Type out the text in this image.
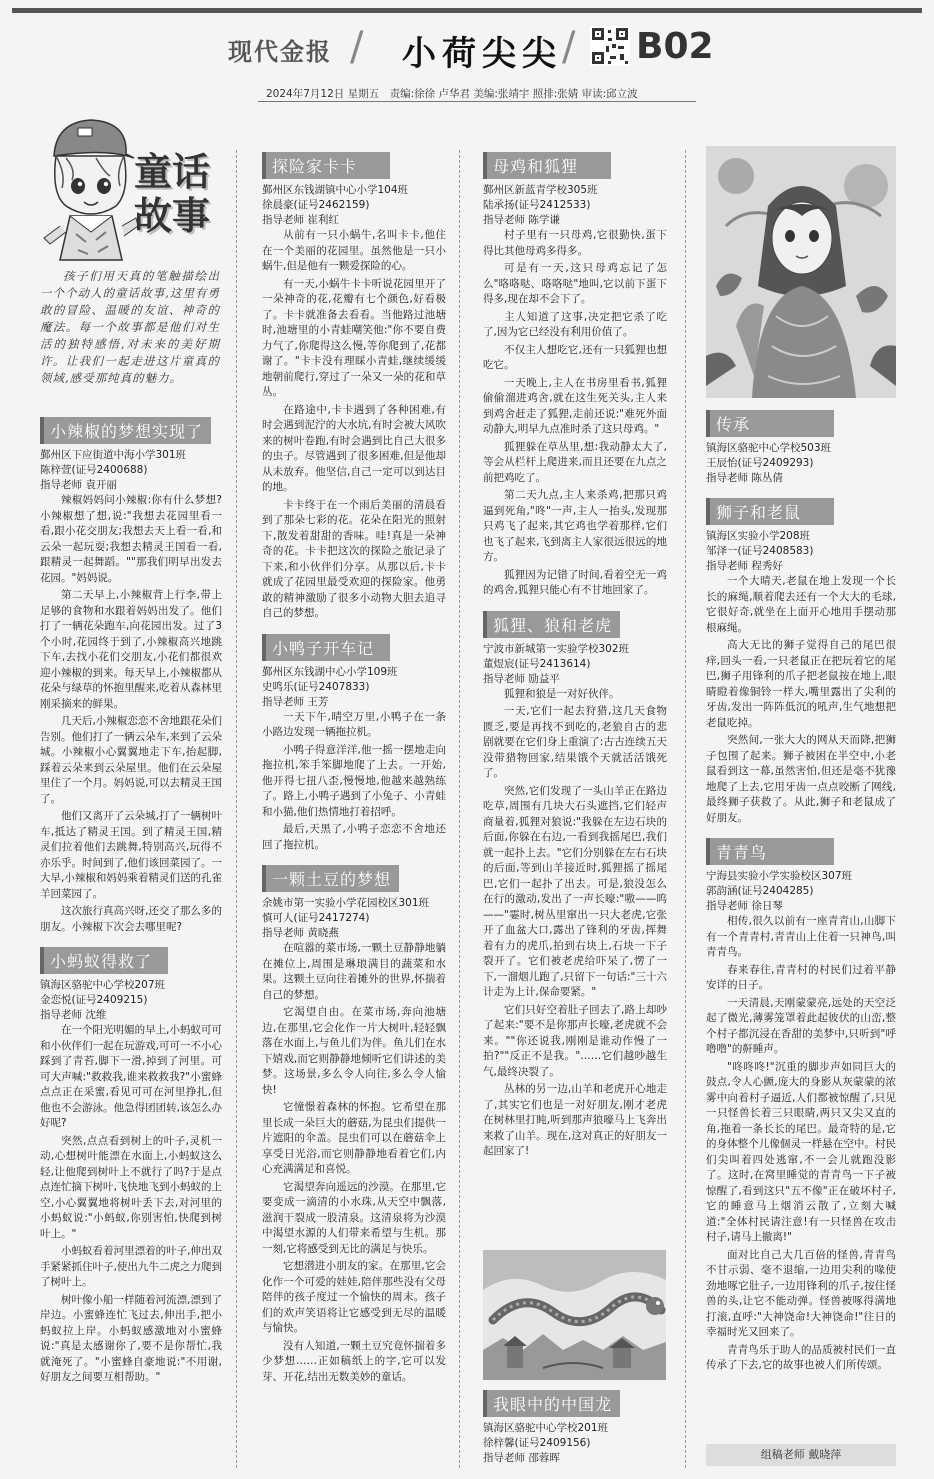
现代金报 / 小荷尖尖 / B02
2024年7月12日 星期五　责编:徐徐 卢华君 美编:张靖宇 照排:张婧 审读:邱立波
童话故事
孩子们用天真的笔触描绘出一个个动人的童话故事,这里有勇敢的冒险、温暖的友谊、神奇的魔法。每一个故事都是他们对生活的独特感悟,对未来的美好期许。让我们一起走进这片童真的领域,感受那纯真的魅力。
小辣椒的梦想实现了
鄞州区下应街道中海小学301班
陈梓萱(证号2400688)
指导老师 袁开丽

辣椒妈妈问小辣椒:你有什么梦想?小辣椒想了想,说:"我想去花园里看一看,跟小花交朋友;我想去天上看一看,和云朵一起玩耍;我想去精灵王国看一看,跟精灵一起舞蹈。""那我们明早出发去花园。"妈妈说。

第二天早上,小辣椒背上行李,带上足够的食物和水跟着妈妈出发了。他们打了一辆花朵跑车,向花园出发。过了3个小时,花园终于到了,小辣椒高兴地跳下车,去找小花们交朋友,小花们都很欢迎小辣椒的到来。每天早上,小辣椒都从花朵与绿草的怀抱里醒来,吃着从森林里刚采摘来的鲜果。

几天后,小辣椒恋恋不舍地跟花朵们告别。他们打了一辆云朵车,来到了云朵城。小辣椒小心翼翼地走下车,抬起脚,踩着云朵来到云朵屋里。他们在云朵屋里住了一个月。妈妈说,可以去精灵王国了。

他们又离开了云朵城,打了一辆树叶车,抵达了精灵王国。到了精灵王国,精灵们拉着他们去跳舞,特别高兴,玩得不亦乐乎。时间到了,他们该回菜园了。一大早,小辣椒和妈妈乘着精灵们送的孔雀羊回菜园了。

这次旅行真高兴呀,还交了那么多的朋友。小辣椒下次会去哪里呢?

小蚂蚁得救了
镇海区骆驼中心学校207班
金恋悦(证号2409215)
指导老师 沈维

在一个阳光明媚的早上,小蚂蚁可可和小伙伴们一起在玩游戏,可可一不小心踩到了青苔,脚下一滑,掉到了河里。可可大声喊:"救救我,谁来救救我?"小蜜蜂点点正在采蜜,看见可可在河里挣扎,但他也不会游泳。他急得团团转,该怎么办好呢?

突然,点点看到树上的叶子,灵机一动,心想树叶能漂在水面上,小蚂蚁这么轻,让他爬到树叶上不就行了吗?于是点点连忙摘下树叶,飞快地飞到小蚂蚁的上空,小心翼翼地将树叶丢下去,对河里的小蚂蚁说:"小蚂蚁,你别害怕,快爬到树叶上。"

小蚂蚁看着河里漂着的叶子,伸出双手紧紧抓住叶子,使出九牛二虎之力爬到了树叶上。

树叶像小船一样随着河流漂,漂到了岸边。小蜜蜂连忙飞过去,伸出手,把小蚂蚁拉上岸。小蚂蚁感激地对小蜜蜂说:"真是太感谢你了,要不是你帮忙,我就淹死了。"小蜜蜂自豪地说:"不用谢,好朋友之间要互相帮助。"

探险家卡卡
鄞州区东钱湖镇中心小学104班
徐晨豪(证号2462159)
指导老师 崔利红

从前有一只小蜗牛,名叫卡卡,他住在一个美丽的花园里。虽然他是一只小蜗牛,但是他有一颗爱探险的心。

有一天,小蜗牛卡卡听说花园里开了一朵神奇的花,花瓣有七个颜色,好看极了。卡卡就准备去看看。当他路过池塘时,池塘里的小青蛙嘲笑他:"你不要自费力气了,你爬得这么慢,等你爬到了,花都谢了。"卡卡没有理睬小青蛙,继续缓缓地朝前爬行,穿过了一朵又一朵的花和草丛。

在路途中,卡卡遇到了各种困难,有时会遇到泥泞的大水坑,有时会被大风吹来的树叶卷跑,有时会遇到比自己大很多的虫子。尽管遇到了很多困难,但是他却从未放弃。他坚信,自己一定可以到达目的地。

卡卡终于在一个雨后美丽的清晨看到了那朵七彩的花。花朵在阳光的照射下,散发着甜甜的香味。哇!真是一朵神奇的花。卡卡把这次的探险之旅记录了下来,和小伙伴们分享。从那以后,卡卡就成了花园里最受欢迎的探险家。他勇敢的精神激励了很多小动物大胆去追寻自己的梦想。

小鸭子开车记
鄞州区东钱湖中心小学109班
史鸣乐(证号2407833)
指导老师 王芳

一天下午,晴空万里,小鸭子在一条小路边发现一辆拖拉机。

小鸭子得意洋洋,他一摇一摆地走向拖拉机,笨手笨脚地爬了上去。一开始,他开得七扭八歪,慢慢地,他越来越熟练了。路上,小鸭子遇到了小兔子、小青蛙和小猫,他们热情地打着招呼。

最后,天黑了,小鸭子恋恋不舍地还回了拖拉机。

一颗土豆的梦想
余姚市第一实验小学花园校区301班
慎可人(证号2417274)
指导老师 黄晓燕

在喧嚣的菜市场,一颗土豆静静地躺在摊位上,周围是琳琅满目的蔬菜和水果。这颗土豆向往着摊外的世界,怀揣着自己的梦想。

它渴望自由。在菜市场,奔向池塘边,在那里,它会化作一片大树叶,轻轻飘落在水面上,与鱼儿们为伴。鱼儿们在水下嬉戏,而它则静静地倾听它们讲述的美梦。这场景,多么令人向往,多么令人愉快!

它憧憬着森林的怀抱。它希望在那里长成一朵巨大的蘑菇,为昆虫们提供一片遮阳的伞盖。昆虫们可以在蘑菇伞上享受日光浴,而它则静静地看着它们,内心充满满足和喜悦。

它渴望奔向遥远的沙漠。在那里,它要变成一滴清的小水珠,从天空中飘落,滋润干裂成一股清泉。这清泉将为沙漠中渴望水源的人们带来希望与生机。那一刻,它将感受到无比的满足与快乐。

它想潜进小朋友的家。在那里,它会化作一个可爱的娃娃,陪伴那些没有父母陪伴的孩子度过一个愉快的周末。孩子们的欢声笑语将让它感受到无尽的温暖与愉快。

没有人知道,一颗土豆究竟怀揣着多少梦想……正如稿纸上的字,它可以发芽、开花,结出无数美妙的童话。

母鸡和狐狸
鄞州区新蓝青学校305班
陆承扬(证号2412533)
指导老师 陈学谦

村子里有一只母鸡,它很勤快,蛋下得比其他母鸡多得多。

可是有一天,这只母鸡忘记了怎么"咯咯哒、咯咯哒"地叫,它以前下蛋下得多,现在却不会下了。

主人知道了这事,决定把它杀了吃了,因为它已经没有利用价值了。

不仅主人想吃它,还有一只狐狸也想吃它。

一天晚上,主人在书房里看书,狐狸偷偷溜进鸡舍,就在这生死关头,主人来到鸡舍赶走了狐狸,走前还说:"难死外面动静大,明早九点准时杀了这只母鸡。"

狐狸躲在草丛里,想:我动静太大了,等会从栏杆上爬进来,而且还要在九点之前把鸡吃了。

第二天九点,主人来杀鸡,把那只鸡逼到死角,"咚"一声,主人一抬头,发现那只鸡飞了起来,其它鸡也学着那样,它们也飞了起来,飞到离主人家很远很远的地方。

狐狸因为记错了时间,看着空无一鸡的鸡舍,狐狸只能心有不甘地回家了。

狐狸、狼和老虎
宁波市新城第一实验学校302班
董煜宸(证号2413614)
指导老师 励益平

狐狸和狼是一对好伙伴。

一天,它们一起去狩猎,这几天食物匮乏,要是再找不到吃的,老狼自古的悲剧就要在它们身上重演了:古古连续五天没带猎物回家,结果饿个天就活活饿死了。

突然,它们发现了一头山羊正在路边吃草,周围有几块大石头遮挡,它们轻声商量着,狐狸对狼说:"我躲在左边石块的后面,你躲在右边,一看到我摇尾巴,我们就一起扑上去。"它们分别躲在左右石块的后面,等到山羊接近时,狐狸摇了摇尾巴,它们一起扑了出去。可是,狼没怎么在行的激动,发出了一声长嚎:"嗷——呜——"霎时,树丛里窜出一只大老虎,它张开了血盆大口,露出了锋利的牙齿,挥舞着有力的虎爪,拍到右块上,石块一下子裂开了。它们被老虎给吓呆了,愣了一下,一溜烟儿跑了,只留下一句话:"三十六计走为上计,保命要紧。"

它们只好空着肚子回去了,路上却吵了起来:"要不是你那声长嚎,老虎就不会来。""你还说我,刚刚是谁动作慢了一拍?""反正不是我。"……它们越吵越生气,最终决裂了。

丛林的另一边,山羊和老虎开心地走了,其实它们也是一对好朋友,刚才老虎在树林里打盹,听到那声狼嚎马上飞奔出来救了山羊。现在,这对真正的好朋友一起回家了!

我眼中的中国龙
镇海区骆驼中心学校201班
徐梓馨(证号2409156)
指导老师 邵蓉晖
传承
镇海区骆驼中心学校503班
王辰怡(证号2409293)
指导老师 陈丛倩
狮子和老鼠
镇海区实验小学208班
邹泽一(证号2408583)
指导老师 程秀好

一个大晴天,老鼠在地上发现一个长长的麻绳,顺着爬去还有一个大大的毛球,它很好奇,就坐在上面开心地用手摆动那根麻绳。

高大无比的狮子觉得自己的尾巴很痒,回头一看,一只老鼠正在把玩着它的尾巴,狮子用锋利的爪子把老鼠按在地上,眼睛瞪着像铜铃一样大,嘴里露出了尖利的牙齿,发出一阵阵低沉的吼声,生气地想把老鼠吃掉。

突然间,一张大大的网从天而降,把狮子包围了起来。狮子被困在半空中,小老鼠看到这一幕,虽然害怕,但还是毫不犹豫地爬了上去,它用牙齿一点点咬断了网线,最终狮子获救了。从此,狮子和老鼠成了好朋友。

青青鸟
宁海县实验小学实验校区307班
郭韵涵(证号2404285)
指导老师 徐日琴

相传,很久以前有一座青青山,山脚下有一个青青村,青青山上住着一只神鸟,叫青青鸟。

春来春往,青青村的村民们过着平静安详的日子。

一天清晨,天刚蒙蒙亮,远处的天空泛起了微光,薄雾笼罩着此起彼伏的山峦,整个村子都沉浸在香甜的美梦中,只听到"呼噜噜"的鼾睡声。

"咚咚咚!"沉重的脚步声如同巨大的鼓点,令人心颤,庞大的身影从灰蒙蒙的浓雾中向着村子逼近,人们都被惊醒了,只见一只怪兽长着三只眼睛,两只又尖又直的角,拖着一条长长的尾巴。最奇特的是,它的身体整个儿像個灵一样悬在空中。村民们尖叫着四处逃窜,不一会儿就跑没影了。这时,在窝里睡觉的青青鸟一下子被惊醒了,看到这只"五不像"正在破坏村子,它的睡意马上烟消云散了,立刻大喊道:"全体村民请注意!有一只怪兽在攻击村子,请马上撤离!"

面对比自己大几百倍的怪兽,青青鸟不甘示弱、毫不退缩,一边用尖利的喙使劲地啄它肚子,一边用锋利的爪子,按住怪兽的头,让它不能动弹。怪兽被啄得满地打滚,直呼:"大神饶命!大神饶命!"往日的幸福时光又回来了。

青青鸟乐于助人的品质被村民们一直传承了下去,它的故事也被人们所传颂。

组稿老师 戴晓萍
